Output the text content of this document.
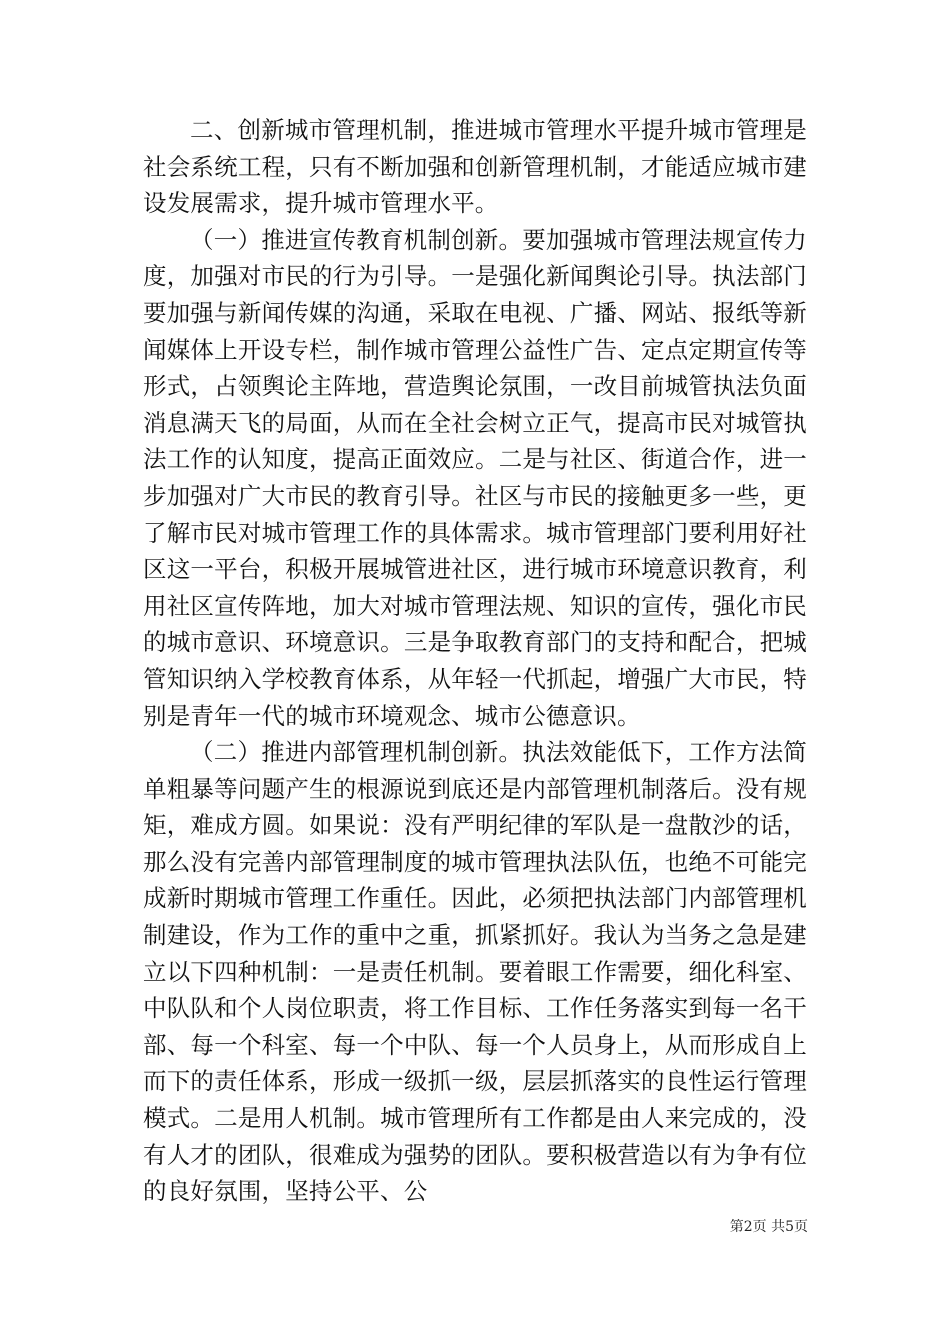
二、创新城市管理机制，推进城市管理水平提升城市管理是社会系统工程，只有不断加强和创新管理机制，才能适应城市建设发展需求，提升城市管理水平。

（一）推进宣传教育机制创新。要加强城市管理法规宣传力度，加强对市民的行为引导。一是强化新闻舆论引导。执法部门要加强与新闻传媒的沟通，采取在电视、广播、网站、报纸等新闻媒体上开设专栏，制作城市管理公益性广告、定点定期宣传等形式，占领舆论主阵地，营造舆论氛围，一改目前城管执法负面消息满天飞的局面，从而在全社会树立正气，提高市民对城管执法工作的认知度，提高正面效应。二是与社区、街道合作，进一步加强对广大市民的教育引导。社区与市民的接触更多一些，更了解市民对城市管理工作的具体需求。城市管理部门要利用好社区这一平台，积极开展城管进社区，进行城市环境意识教育，利用社区宣传阵地，加大对城市管理法规、知识的宣传，强化市民的城市意识、环境意识。三是争取教育部门的支持和配合，把城管知识纳入学校教育体系，从年轻一代抓起，增强广大市民，特别是青年一代的城市环境观念、城市公德意识。

（二）推进内部管理机制创新。执法效能低下，工作方法简单粗暴等问题产生的根源说到底还是内部管理机制落后。没有规矩，难成方圆。如果说：没有严明纪律的军队是一盘散沙的话，那么没有完善内部管理制度的城市管理执法队伍，也绝不可能完成新时期城市管理工作重任。因此，必须把执法部门内部管理机制建设，作为工作的重中之重，抓紧抓好。我认为当务之急是建立以下四种机制：一是责任机制。要着眼工作需要，细化科室、中队队和个人岗位职责，将工作目标、工作任务落实到每一名干部、每一个科室、每一个中队、每一个人员身上，从而形成自上而下的责任体系，形成一级抓一级，层层抓落实的良性运行管理模式。二是用人机制。城市管理所有工作都是由人来完成的，没有人才的团队，很难成为强势的团队。要积极营造以有为争有位的良好氛围，坚持公平、公

第2页 共5页
